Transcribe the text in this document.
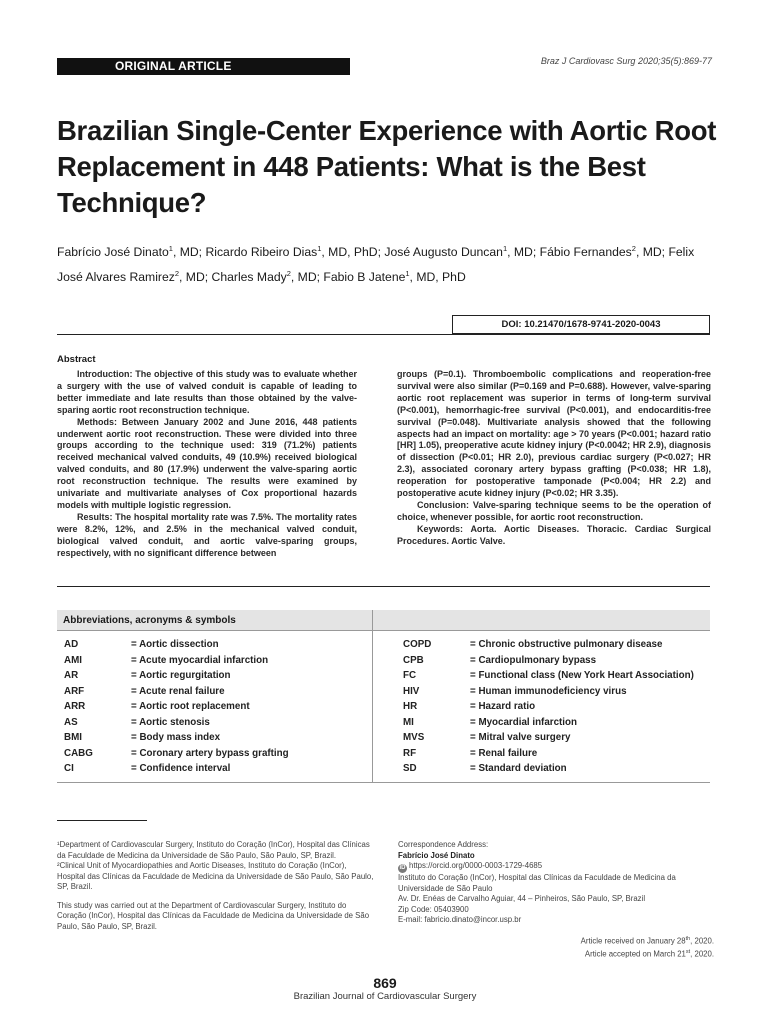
ORIGINAL ARTICLE	Braz J Cardiovasc Surg 2020;35(5):869-77
Brazilian Single-Center Experience with Aortic Root Replacement in 448 Patients: What is the Best Technique?
Fabrício José Dinato$^1$, MD; Ricardo Ribeiro Dias$^1$, MD, PhD; José Augusto Duncan$^1$, MD; Fábio Fernandes$^2$, MD; Felix José Alvares Ramirez$^2$, MD; Charles Mady$^2$, MD; Fabio B Jatene$^1$, MD, PhD
DOI: 10.21470/1678-9741-2020-0043
Abstract

Introduction: The objective of this study was to evaluate whether a surgery with the use of valved conduit is capable of leading to better immediate and late results than those obtained by the valve-sparing aortic root reconstruction technique.

Methods: Between January 2002 and June 2016, 448 patients underwent aortic root reconstruction. These were divided into three groups according to the technique used: 319 (71.2%) patients received mechanical valved conduits, 49 (10.9%) received biological valved conduits, and 80 (17.9%) underwent the valve-sparing aortic root reconstruction technique. The results were examined by univariate and multivariate analyses of Cox proportional hazards models with multiple logistic regression.

Results: The hospital mortality rate was 7.5%. The mortality rates were 8.2%, 12%, and 2.5% in the mechanical valved conduit, biological valved conduit, and aortic valve-sparing groups, respectively, with no significant difference between

groups (P=0.1). Thromboembolic complications and reoperation-free survival were also similar (P=0.169 and P=0.688). However, valve-sparing aortic root replacement was superior in terms of long-term survival (P<0.001), hemorrhagic-free survival (P<0.001), and endocarditis-free survival (P=0.048). Multivariate analysis showed that the following aspects had an impact on mortality: age > 70 years (P<0.001; hazard ratio [HR] 1.05), preoperative acute kidney injury (P<0.0042; HR 2.9), diagnosis of dissection (P<0.01; HR 2.0), previous cardiac surgery (P<0.027; HR 2.3), associated coronary artery bypass grafting (P<0.038; HR 1.8), reoperation for postoperative tamponade (P<0.004; HR 2.2) and postoperative acute kidney injury (P<0.02; HR 3.35).

Conclusion: Valve-sparing technique seems to be the operation of choice, whenever possible, for aortic root reconstruction.

Keywords: Aorta. Aortic Diseases. Thoracic. Cardiac Surgical Procedures. Aortic Valve.

Abbreviations, acronyms & symbols
AD	= Aortic dissection
AMI	= Acute myocardial infarction
AR	= Aortic regurgitation
ARF	= Acute renal failure
ARR	= Aortic root replacement
AS	= Aortic stenosis
BMI	= Body mass index
CABG	= Coronary artery bypass grafting
CI	= Confidence interval
COPD	= Chronic obstructive pulmonary disease
CPB	= Cardiopulmonary bypass
FC	= Functional class (New York Heart Association)
HIV	= Human immunodeficiency virus
HR	= Hazard ratio
MI	= Myocardial infarction
MVS	= Mitral valve surgery
RF	= Renal failure
SD	= Standard deviation

¹Department of Cardiovascular Surgery, Instituto do Coração (InCor), Hospital das Clínicas da Faculdade de Medicina da Universidade de São Paulo, São Paulo, SP, Brazil.

²Clinical Unit of Myocardiopathies and Aortic Diseases, Instituto do Coração (InCor), Hospital das Clínicas da Faculdade de Medicina da Universidade de São Paulo, São Paulo, SP, Brazil.

This study was carried out at the Department of Cardiovascular Surgery, Instituto do Coração (InCor), Hospital das Clínicas da Faculdade de Medicina da Universidade de São Paulo, São Paulo, SP, Brazil.

Correspondence Address:
Fabrício José Dinato
iD https://orcid.org/0000-0003-1729-4685
Instituto do Coração (InCor), Hospital das Clínicas da Faculdade de Medicina da Universidade de São Paulo
Av. Dr. Enéas de Carvalho Aguiar, 44 – Pinheiros, São Paulo, SP, Brazil
Zip Code: 05403900
E-mail: fabricio.dinato@incor.usp.br
Article received on January 28th, 2020.
Article accepted on March 21st, 2020.
869
Brazilian Journal of Cardiovascular Surgery
